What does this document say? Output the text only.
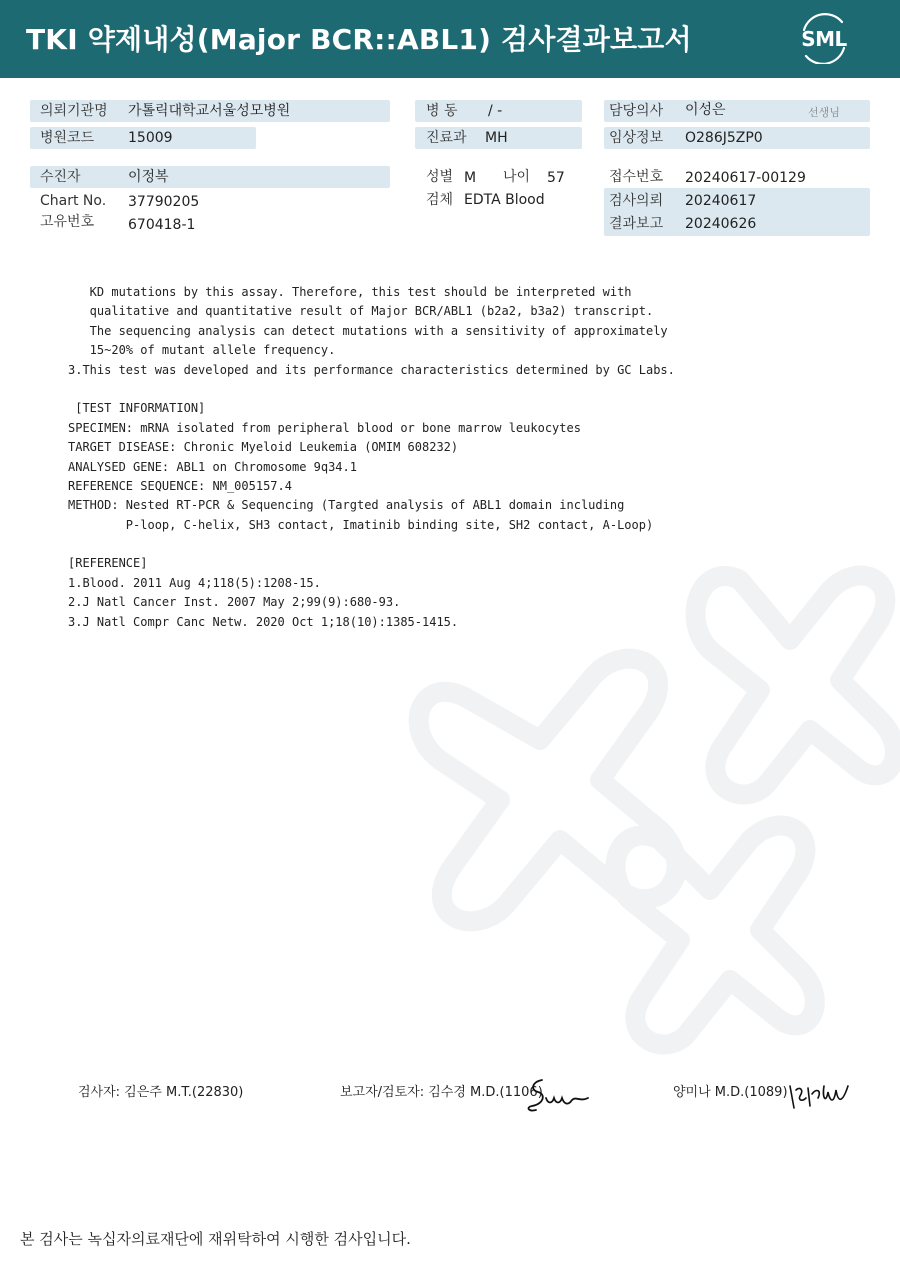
TKI 약제내성(Major BCR::ABL1) 검사결과보고서	SML
의뢰기관명 가톨릭대학교서울성모병원
병원코드 15009
수진자	이정복
Chart No. 37790205
고유번호 670418-1
병 동 / -
진료과 MH
성별 M 나이 57
검체 EDTA Blood
담당의사 이성은	선생님
임상정보 O286J5ZP0
접수번호 20240617-00129
검사의뢰 20240617
결과보고 20240626
KD mutations by this assay. Therefore, this test should be interpreted with
qualitative and quantitative result of Major BCR/ABL1 (b2a2, b3a2) transcript.
The sequencing analysis can detect mutations with a sensitivity of approximately
15~20% of mutant allele frequency.
3.This test was developed and its performance characteristics determined by GC Labs.
[TEST INFORMATION]
SPECIMEN: mRNA isolated from peripheral blood or bone marrow leukocytes
TARGET DISEASE: Chronic Myeloid Leukemia (OMIM 608232)
ANALYSED GENE: ABL1 on Chromosome 9q34.1
REFERENCE SEQUENCE: NM_005157.4
METHOD: Nested RT-PCR & Sequencing (Targted analysis of ABL1 domain including
P-loop, C-helix, SH3 contact, Imatinib binding site, SH2 contact, A-Loop)
[REFERENCE]
1.Blood. 2011 Aug 4;118(5):1208-15.
2.J Natl Cancer Inst. 2007 May 2;99(9):680-93.
3.J Natl Compr Canc Netw. 2020 Oct 1;18(10):1385-1415.
검사자: 김은주 M.T.(22830)	보고자/검토자: 김수경 M.D.(1106)	양미나 M.D.(1089)
본 검사는 녹십자의료재단에 재위탁하여 시행한 검사입니다.
